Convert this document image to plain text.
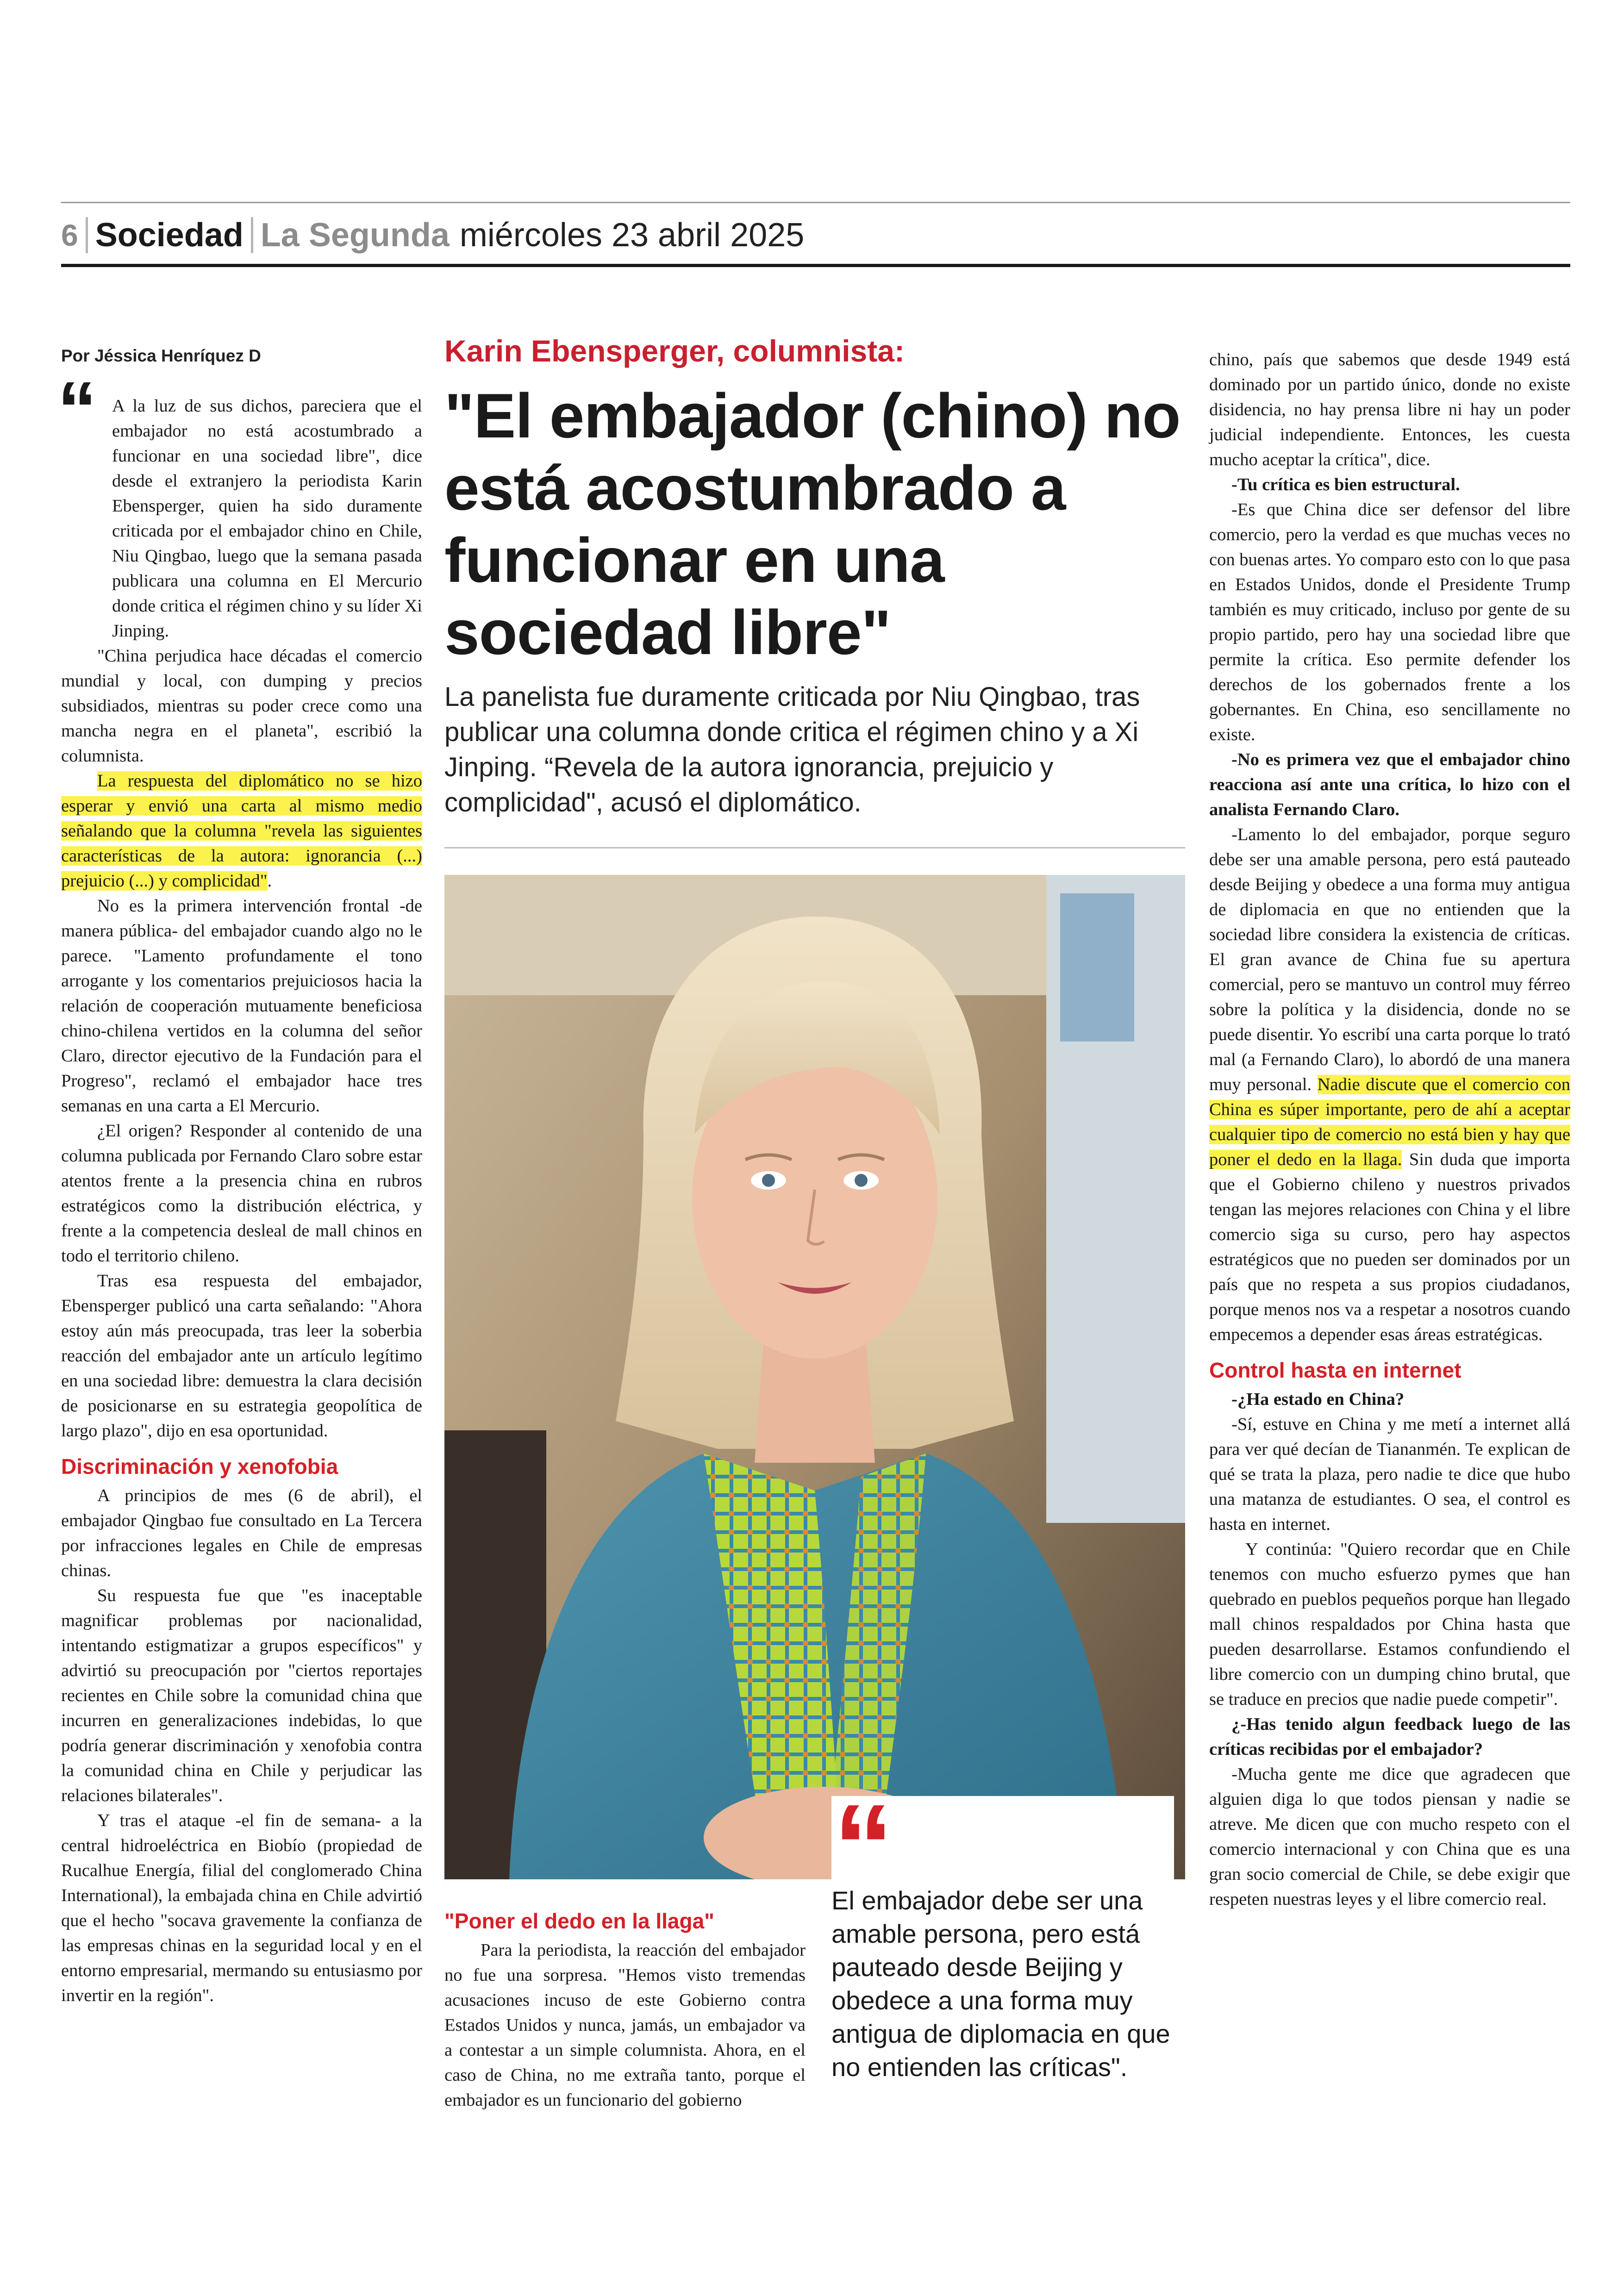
6 Sociedad La Segunda miércoles 23 abril 2025
Por Jéssica Henríquez D
“ A la luz de sus dichos, pareciera que el embajador no está acostumbrado a funcionar en una sociedad libre", dice desde el extranjero la periodista Karin Ebensperger, quien ha sido duramente criticada por el embajador chino en Chile, Niu Qingbao, luego que la semana pasada publicara una columna en El Mercurio donde critica el régimen chino y su líder Xi Jinping.

"China perjudica hace décadas el comercio mundial y local, con dumping y precios subsidiados, mientras su poder crece como una mancha negra en el planeta", escribió la columnista.

La respuesta del diplomático no se hizo esperar y envió una carta al mismo medio señalando que la columna "revela las siguientes características de la autora: ignorancia (...) prejuicio (...) y complicidad".

No es la primera intervención frontal -de manera pública- del embajador cuando algo no le parece. "Lamento profundamente el tono arrogante y los comentarios prejuiciosos hacia la relación de cooperación mutuamente beneficiosa chino-chilena vertidos en la columna del señor Claro, director ejecutivo de la Fundación para el Progreso", reclamó el embajador hace tres semanas en una carta a El Mercurio.

¿El origen? Responder al contenido de una columna publicada por Fernando Claro sobre estar atentos frente a la presencia china en rubros estratégicos como la distribución eléctrica, y frente a la competencia desleal de mall chinos en todo el territorio chileno.

Tras esa respuesta del embajador, Ebensperger publicó una carta señalando: "Ahora estoy aún más preocupada, tras leer la soberbia reacción del embajador ante un artículo legítimo en una sociedad libre: demuestra la clara decisión de posicionarse en su estrategia geopolítica de largo plazo", dijo en esa oportunidad.

Discriminación y xenofobia

A principios de mes (6 de abril), el embajador Qingbao fue consultado en La Tercera por infracciones legales en Chile de empresas chinas.

Su respuesta fue que "es inaceptable magnificar problemas por nacionalidad, intentando estigmatizar a grupos específicos" y advirtió su preocupación por "ciertos reportajes recientes en Chile sobre la comunidad china que incurren en generalizaciones indebidas, lo que podría generar discriminación y xenofobia contra la comunidad china en Chile y perjudicar las relaciones bilaterales".

Y tras el ataque -el fin de semana- a la central hidroeléctrica en Biobío (propiedad de Rucalhue Energía, filial del conglomerado China International), la embajada china en Chile advirtió que el hecho "socava gravemente la confianza de las empresas chinas en la seguridad local y en el entorno empresarial, mermando su entusiasmo por invertir en la región".

Karin Ebensperger, columnista:
"El embajador (chino) no está acostumbrado a funcionar en una sociedad libre"
La panelista fue duramente criticada por Niu Qingbao, tras publicar una columna donde critica el régimen chino y a Xi Jinping. “Revela de la autora ignorancia, prejuicio y complicidad", acusó el diplomático.
"Poner el dedo en la llaga"

Para la periodista, la reacción del embajador no fue una sorpresa. "Hemos visto tremendas acusaciones incuso de este Gobierno contra Estados Unidos y nunca, jamás, un embajador va a contestar a un simple columnista. Ahora, en el caso de China, no me extraña tanto, porque el embajador es un funcionario del gobierno

“
El embajador debe ser una amable persona, pero está pauteado desde Beijing y obedece a una forma muy antigua de diplomacia en que no entienden las críticas".

chino, país que sabemos que desde 1949 está dominado por un partido único, donde no existe disidencia, no hay prensa libre ni hay un poder judicial independiente. Entonces, les cuesta mucho aceptar la crítica", dice.

-Tu crítica es bien estructural.

-Es que China dice ser defensor del libre comercio, pero la verdad es que muchas veces no con buenas artes. Yo comparo esto con lo que pasa en Estados Unidos, donde el Presidente Trump también es muy criticado, incluso por gente de su propio partido, pero hay una sociedad libre que permite la crítica. Eso permite defender los derechos de los gobernados frente a los gobernantes. En China, eso sencillamente no existe.

-No es primera vez que el embajador chino reacciona así ante una crítica, lo hizo con el analista Fernando Claro.

-Lamento lo del embajador, porque seguro debe ser una amable persona, pero está pauteado desde Beijing y obedece a una forma muy antigua de diplomacia en que no entienden que la sociedad libre considera la existencia de críticas. El gran avance de China fue su apertura comercial, pero se mantuvo un control muy férreo sobre la política y la disidencia, donde no se puede disentir. Yo escribí una carta porque lo trató mal (a Fernando Claro), lo abordó de una manera muy personal. Nadie discute que el comercio con China es súper importante, pero de ahí a aceptar cualquier tipo de comercio no está bien y hay que poner el dedo en la llaga. Sin duda que importa que el Gobierno chileno y nuestros privados tengan las mejores relaciones con China y el libre comercio siga su curso, pero hay aspectos estratégicos que no pueden ser dominados por un país que no respeta a sus propios ciudadanos, porque menos nos va a respetar a nosotros cuando empecemos a depender esas áreas estratégicas.

Control hasta en internet

-¿Ha estado en China?

-Sí, estuve en China y me metí a internet allá para ver qué decían de Tiananmén. Te explican de qué se trata la plaza, pero nadie te dice que hubo una matanza de estudiantes. O sea, el control es hasta en internet.

Y continúa: "Quiero recordar que en Chile tenemos con mucho esfuerzo pymes que han quebrado en pueblos pequeños porque han llegado mall chinos respaldados por China hasta que pueden desarrollarse. Estamos confundiendo el libre comercio con un dumping chino brutal, que se traduce en precios que nadie puede competir".

¿-Has tenido algun feedback luego de las críticas recibidas por el embajador?

-Mucha gente me dice que agradecen que alguien diga lo que todos piensan y nadie se atreve. Me dicen que con mucho respeto con el comercio internacional y con China que es una gran socio comercial de Chile, se debe exigir que respeten nuestras leyes y el libre comercio real.
